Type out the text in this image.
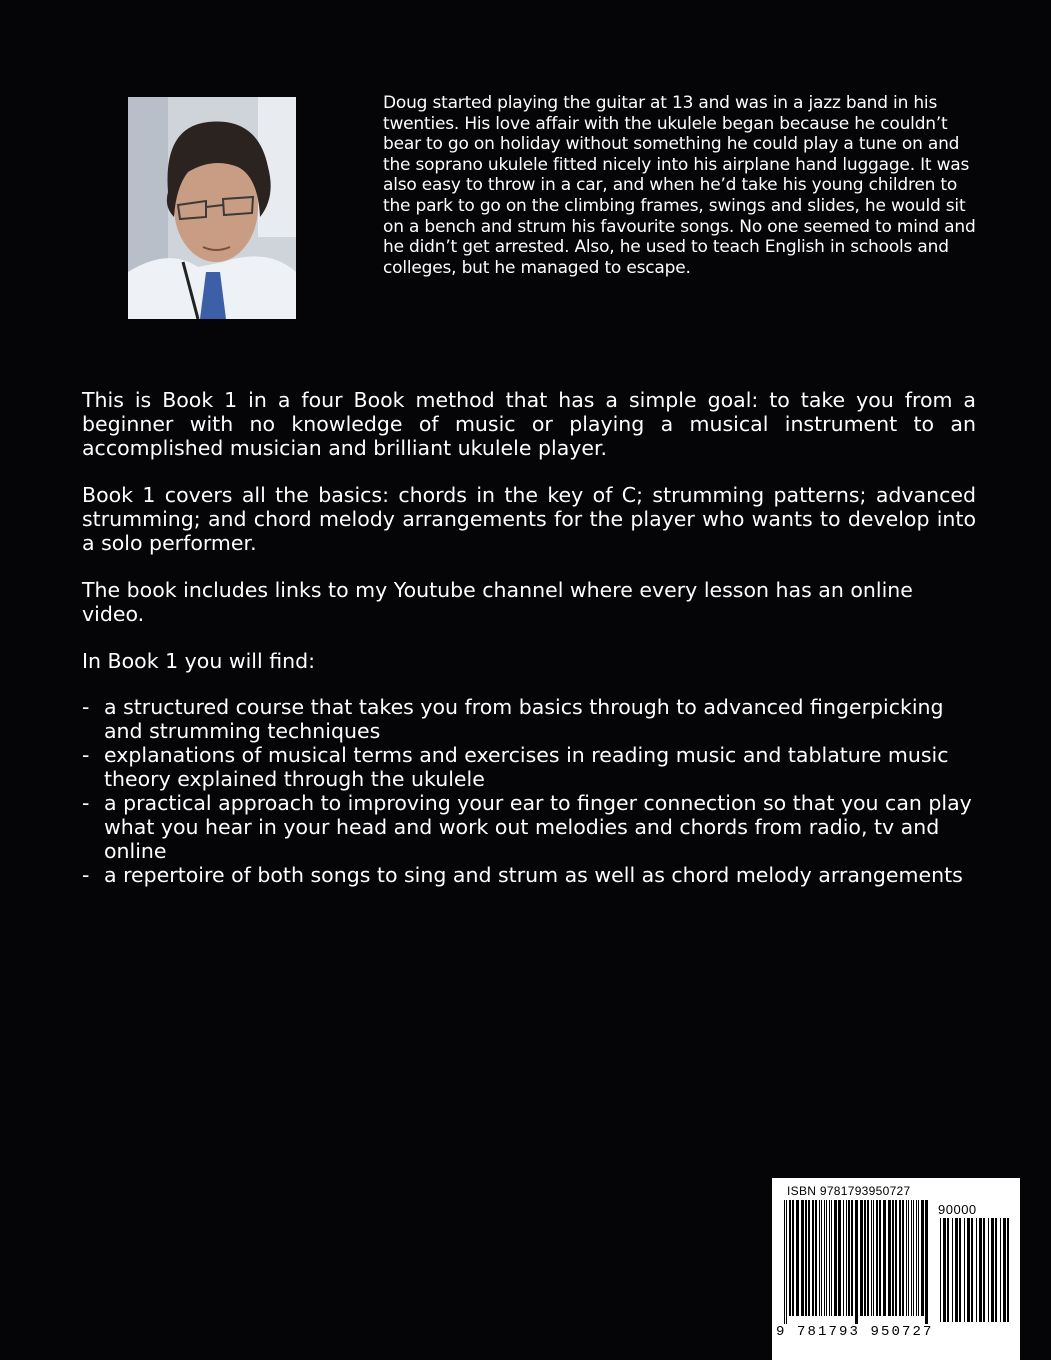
Doug started playing the guitar at 13 and was in a jazz band in his twenties. His love affair with the ukulele began because he couldn’t bear to go on holiday without something he could play a tune on and the soprano ukulele fitted nicely into his airplane hand luggage. It was also easy to throw in a car, and when he’d take his young children to the park to go on the climbing frames, swings and slides, he would sit on a bench and strum his favourite songs. No one seemed to mind and he didn’t get arrested. Also, he used to teach English in schools and colleges, but he managed to escape.

This is Book 1 in a four Book method that has a simple goal: to take you from a beginner with no knowledge of music or playing a musical instrument to an accomplished musician and brilliant ukulele player.

Book 1 covers all the basics: chords in the key of C; strumming patterns; advanced strumming; and chord melody arrangements for the player who wants to develop into a solo performer.

The book includes links to my Youtube channel where every lesson has an online video.

In Book 1 you will find:

- a structured course that takes you from basics through to advanced fingerpicking and strumming techniques
- explanations of musical terms and exercises in reading music and tablature music theory explained through the ukulele
- a practical approach to improving your ear to finger connection so that you can play what you hear in your head and work out melodies and chords from radio, tv and online
- a repertoire of both songs to sing and strum as well as chord melody arrangements
ISBN 9781793950727
90000
9 781793 950727
